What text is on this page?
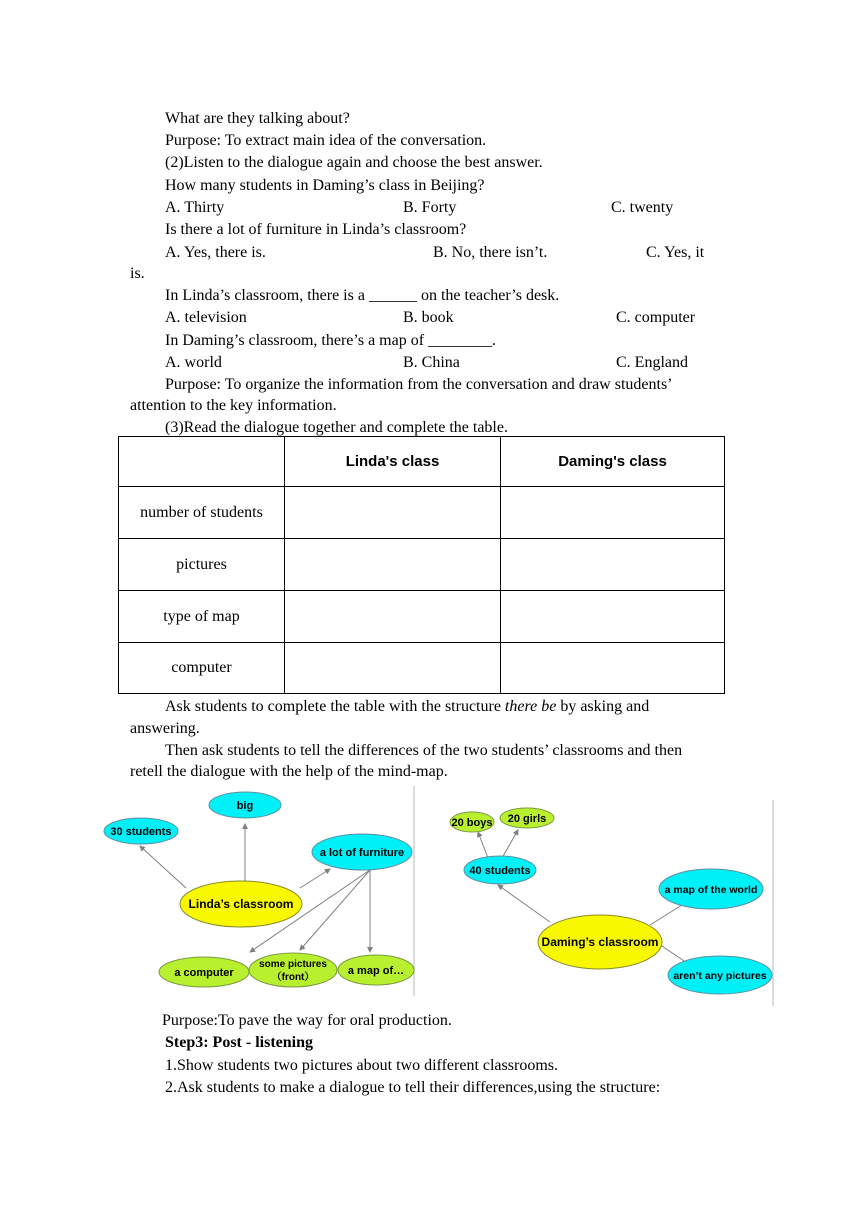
What are they talking about?
Purpose: To extract main idea of the conversation.
(2)Listen to the dialogue again and choose the best answer.
How many students in Daming’s class in Beijing?
A. Thirty	B. Forty	C. twenty
Is there a lot of furniture in Linda’s classroom?
A. Yes, there is.	B. No, there isn’t.	C. Yes, it
is.
In Linda’s classroom, there is a ______ on the teacher’s desk.
A. television	B. book	C. computer
In Daming’s classroom, there’s a map of ________.
A. world	B. China	C. England
Purpose: To organize the information from the conversation and draw students’
attention to the key information.
(3)Read the dialogue together and complete the table.
	Linda's class	Daming's class
number of students		
pictures		
type of map		
computer		
Ask students to complete the table with the structure there be by asking and
answering.
Then ask students to tell the differences of the two students’ classrooms and then
retell the dialogue with the help of the mind-map.
30 students
big
a lot of furniture
Linda’s classroom
a computer
some pictures
（front）
a map of…
20 boys 20 girls
40 students
a map of the world
Daming’s classroom
aren’t any pictures
Purpose:To pave the way for oral production.
Step3: Post - listening
1.Show students two pictures about two different classrooms.
2.Ask students to make a dialogue to tell their differences,using the structure:
